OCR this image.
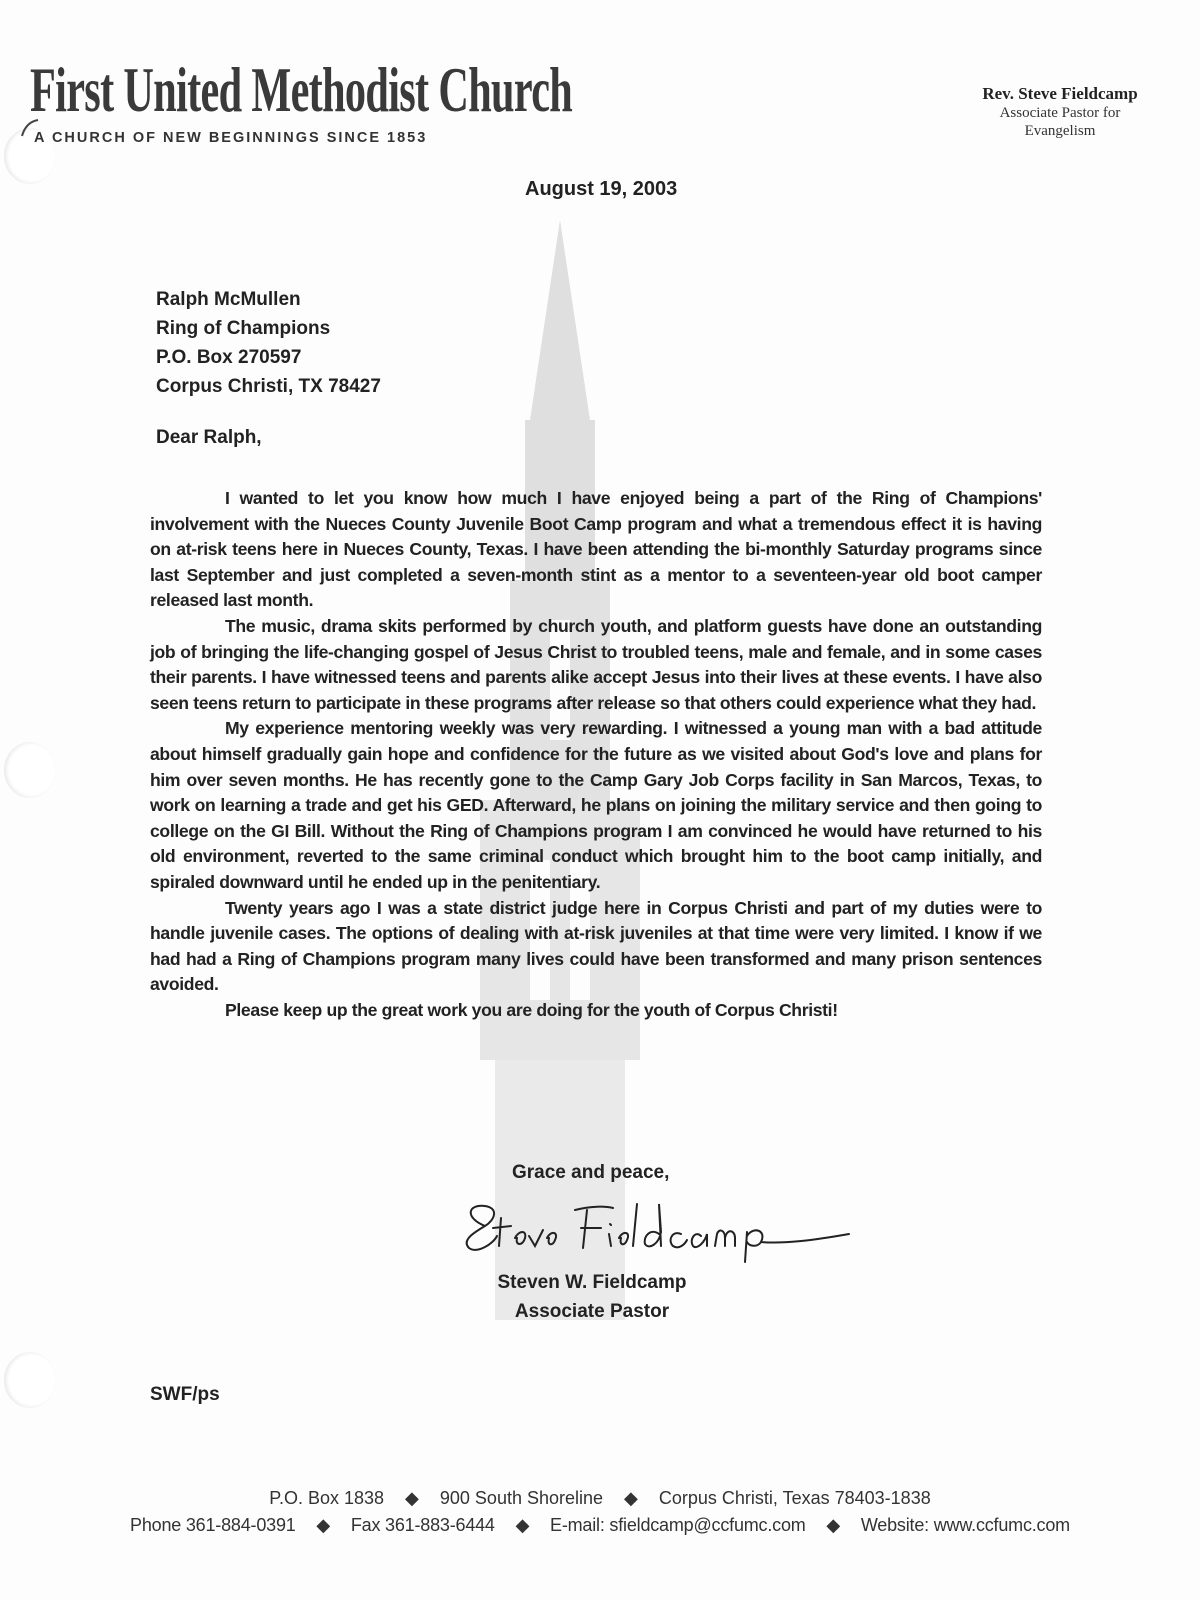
First United Methodist Church
A CHURCH OF NEW BEGINNINGS SINCE 1853
Rev. Steve Fieldcamp
Associate Pastor for
Evangelism
August 19, 2003
Ralph McMullen
Ring of Champions
P.O. Box 270597
Corpus Christi, TX 78427
Dear Ralph,

I wanted to let you know how much I have enjoyed being a part of the Ring of Champions' involvement with the Nueces County Juvenile Boot Camp program and what a tremendous effect it is having on at-risk teens here in Nueces County, Texas. I have been attending the bi-monthly Saturday programs since last September and just completed a seven-month stint as a mentor to a seventeen-year old boot camper released last month.

The music, drama skits performed by church youth, and platform guests have done an outstanding job of bringing the life-changing gospel of Jesus Christ to troubled teens, male and female, and in some cases their parents. I have witnessed teens and parents alike accept Jesus into their lives at these events. I have also seen teens return to participate in these programs after release so that others could experience what they had.

My experience mentoring weekly was very rewarding. I witnessed a young man with a bad attitude about himself gradually gain hope and confidence for the future as we visited about God's love and plans for him over seven months. He has recently gone to the Camp Gary Job Corps facility in San Marcos, Texas, to work on learning a trade and get his GED. Afterward, he plans on joining the military service and then going to college on the GI Bill. Without the Ring of Champions program I am convinced he would have returned to his old environment, reverted to the same criminal conduct which brought him to the boot camp initially, and spiraled downward until he ended up in the penitentiary.

Twenty years ago I was a state district judge here in Corpus Christi and part of my duties were to handle juvenile cases. The options of dealing with at-risk juveniles at that time were very limited. I know if we had had a Ring of Champions program many lives could have been transformed and many prison sentences avoided.

Please keep up the great work you are doing for the youth of Corpus Christi!

Grace and peace,
Steven W. Fieldcamp
Associate Pastor
SWF/ps
P.O. Box 1838 ◆ 900 South Shoreline ◆ Corpus Christi, Texas 78403-1838
Phone 361-884-0391 ◆ Fax 361-883-6444 ◆ E-mail: sfieldcamp@ccfumc.com ◆ Website: www.ccfumc.com
